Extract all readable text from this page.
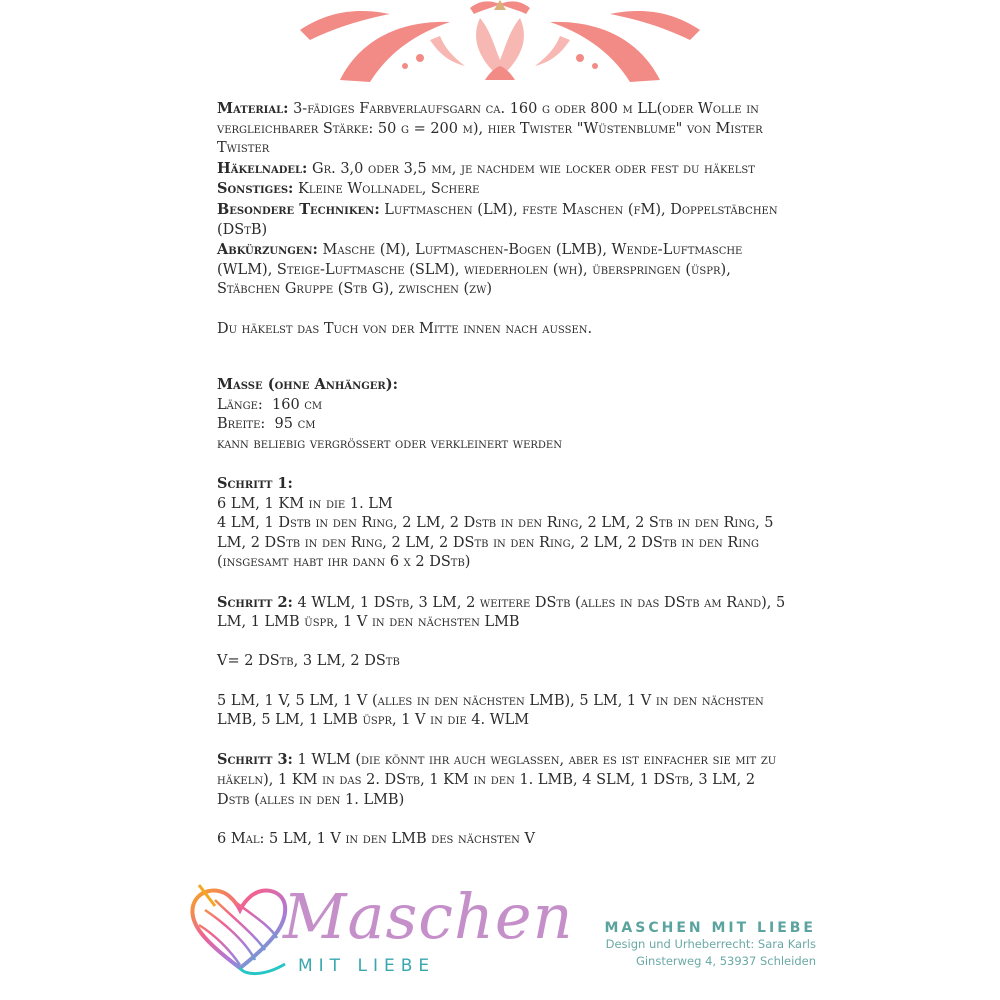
Material: 3-fädiges Farbverlaufsgarn ca. 160 g oder 800 m LL(oder Wolle in vergleichbarer Stärke: 50 g = 200 m), hier Twister "Wüstenblume" von Mister Twister

Häkelnadel: Gr. 3,0 oder 3,5 mm, je nachdem wie locker oder fest du häkelst

Sonstiges: Kleine Wollnadel, Schere

Besondere Techniken: Luftmaschen (LM), feste Maschen (fM), Doppelstäbchen (DStB)

Abkürzungen: Masche (M), Luftmaschen-Bogen (LMB), Wende-Luftmasche (WLM), Steige-Luftmasche (SLM), wiederholen (wh), überspringen (üspr), Stäbchen Gruppe (Stb G), zwischen (zw)

Du häkelst das Tuch von der Mitte innen nach aussen.

Masse (ohne Anhänger):

Länge:  160 cm

Breite:  95 cm

kann beliebig vergrössert oder verkleinert werden

Schritt 1:

6 LM, 1 KM in die 1. LM

4 LM, 1 Dstb in den Ring, 2 LM, 2 Dstb in den Ring, 2 LM, 2 Stb in den Ring, 5 LM, 2 DStb in den Ring, 2 LM, 2 DStb in den Ring, 2 LM, 2 DStb in den Ring (insgesamt habt ihr dann 6 x 2 DStb)

Schritt 2: 4 WLM, 1 DStb, 3 LM, 2 weitere DStb (alles in das DStb am Rand), 5 LM, 1 LMB üspr, 1 V in den nächsten LMB

V= 2 DStb, 3 LM, 2 DStb

5 LM, 1 V, 5 LM, 1 V (alles in den nächsten LMB), 5 LM, 1 V in den nächsten LMB, 5 LM, 1 LMB üspr, 1 V in die 4. WLM

Schritt 3: 1 WLM (die könnt ihr auch weglassen, aber es ist einfacher sie mit zu häkeln), 1 KM in das 2. DStb, 1 KM in den 1. LMB, 4 SLM, 1 DStb, 3 LM, 2 Dstb (alles in den 1. LMB)

6 Mal: 5 LM, 1 V in den LMB des nächsten V

Maschen
MIT LIEBE
MASCHEN MIT LIEBE
Design und Urheberrecht: Sara Karls
Ginsterweg 4, 53937 Schleiden
